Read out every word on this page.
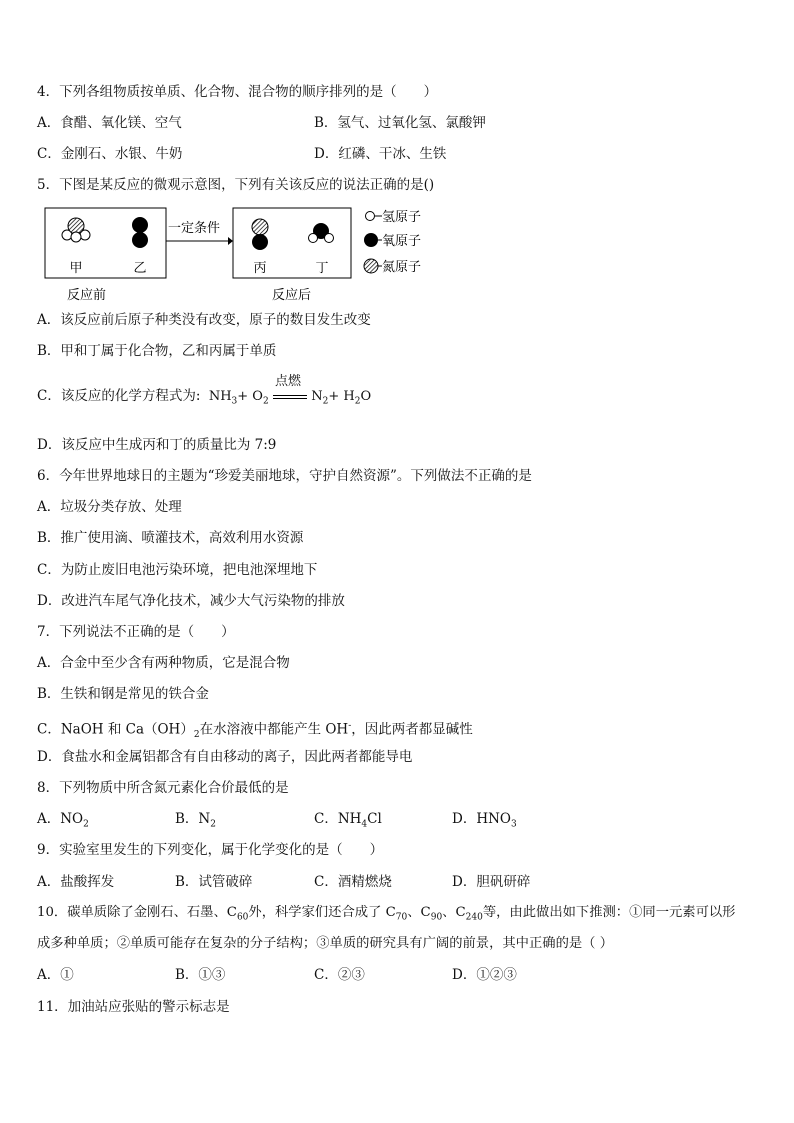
4．下列各组物质按单质、化合物、混合物的顺序排列的是（　　）
A．食醋、氧化镁、空气	B．氢气、过氧化氢、氯酸钾
C．金刚石、水银、牛奶	D．红磷、干冰、生铁
5．下图是某反应的微观示意图，下列有关该反应的说法正确的是()
甲	乙
反应前
一定条件
丙	丁
反应后
氢原子
氧原子
氮原子
A．该反应前后原子种类没有改变，原子的数目发生改变
B．甲和丁属于化合物，乙和丙属于单质
C．该反应的化学方程式为:  $NH_3+ O_2$
点燃
$N_2+ H_2O$
D．该反应中生成丙和丁的质量比为 7:9
6．今年世界地球日的主题为“珍爱美丽地球，守护自然资源”。下列做法不正确的是
A．垃圾分类存放、处理
B．推广使用滴、喷灌技术，高效利用水资源
C．为防止废旧电池污染环境，把电池深埋地下
D．改进汽车尾气净化技术，减少大气污染物的排放
7．下列说法不正确的是（　　）
A．合金中至少含有两种物质，它是混合物
B．生铁和钢是常见的铁合金
C．NaOH 和 $Ca(OH)_2$在水溶液中都能产生 OH-，因此两者都显碱性
D．食盐水和金属铝都含有自由移动的离子，因此两者都能导电
8．下列物质中所含氮元素化合价最低的是
A．$NO_2$	B．$N_2$	C．$NH_4Cl$	D．$HNO_3$
9．实验室里发生的下列变化，属于化学变化的是（　　）
A．盐酸挥发	B．试管破碎	C．酒精燃烧	D．胆矾研碎
10．碳单质除了金刚石、石墨、$C_{60}$外，科学家们还合成了 $C_{70}$、$C_{90}$、$C_{240}$等，由此做出如下推测：①同一元素可以形
成多种单质；②单质可能存在复杂的分子结构；③单质的研究具有广阔的前景，其中正确的是（ ）
A．①	B．①③	C．②③	D．①②③
11．加油站应张贴的警示标志是
